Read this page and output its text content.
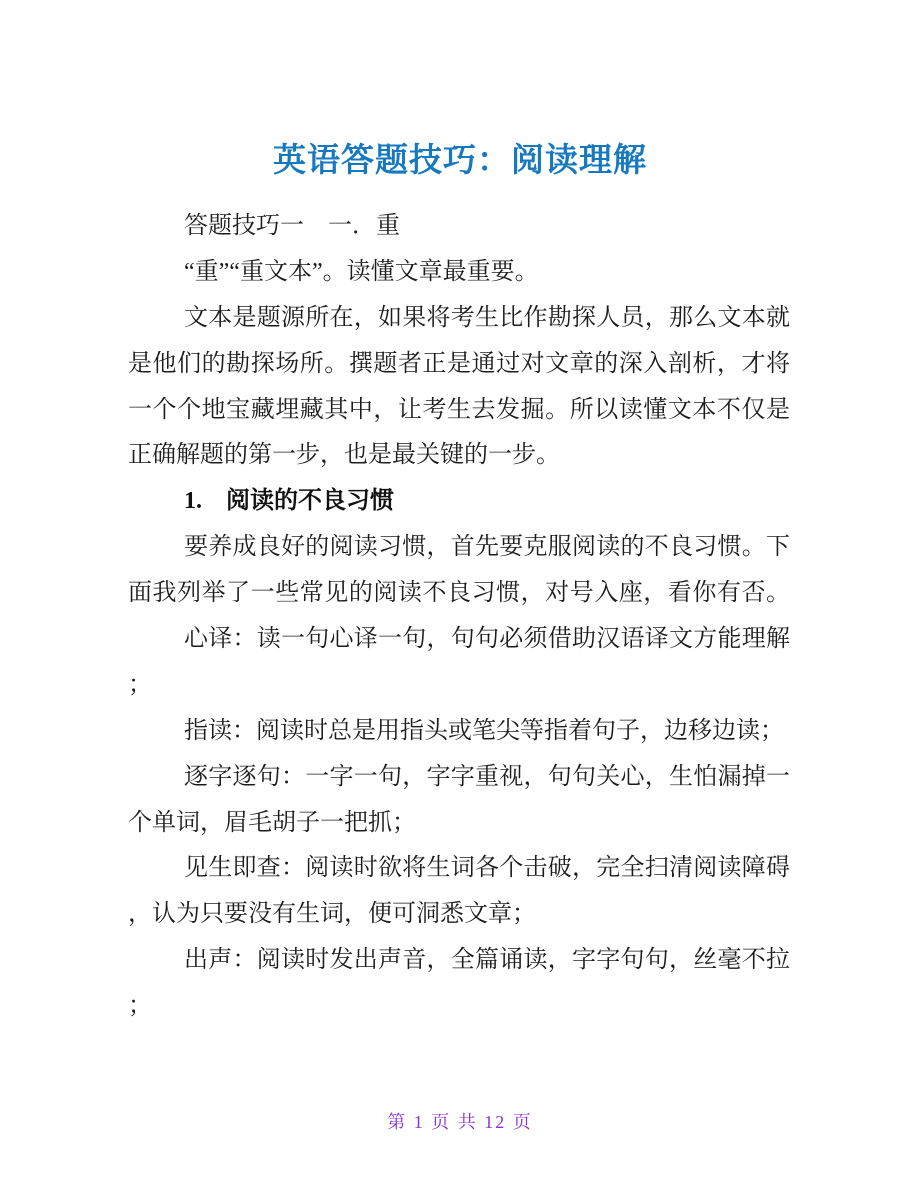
英语答题技巧：阅读理解
答题技巧一　一．重
“重”“重文本”。读懂文章最重要。
文本是题源所在，如果将考生比作勘探人员，那么文本就
是他们的勘探场所。撰题者正是通过对文章的深入剖析，才将
一个个地宝藏埋藏其中，让考生去发掘。所以读懂文本不仅是
正确解题的第一步，也是最关键的一步。
1.　阅读的不良习惯
要养成良好的阅读习惯，首先要克服阅读的不良习惯。下
面我列举了一些常见的阅读不良习惯，对号入座，看你有否。
心译：读一句心译一句，句句必须借助汉语译文方能理解
；
指读：阅读时总是用指头或笔尖等指着句子，边移边读；
逐字逐句：一字一句，字字重视，句句关心，生怕漏掉一
个单词，眉毛胡子一把抓；
见生即查：阅读时欲将生词各个击破，完全扫清阅读障碍
，认为只要没有生词，便可洞悉文章；
出声：阅读时发出声音，全篇诵读，字字句句，丝毫不拉
；
第 1 页 共 12 页
